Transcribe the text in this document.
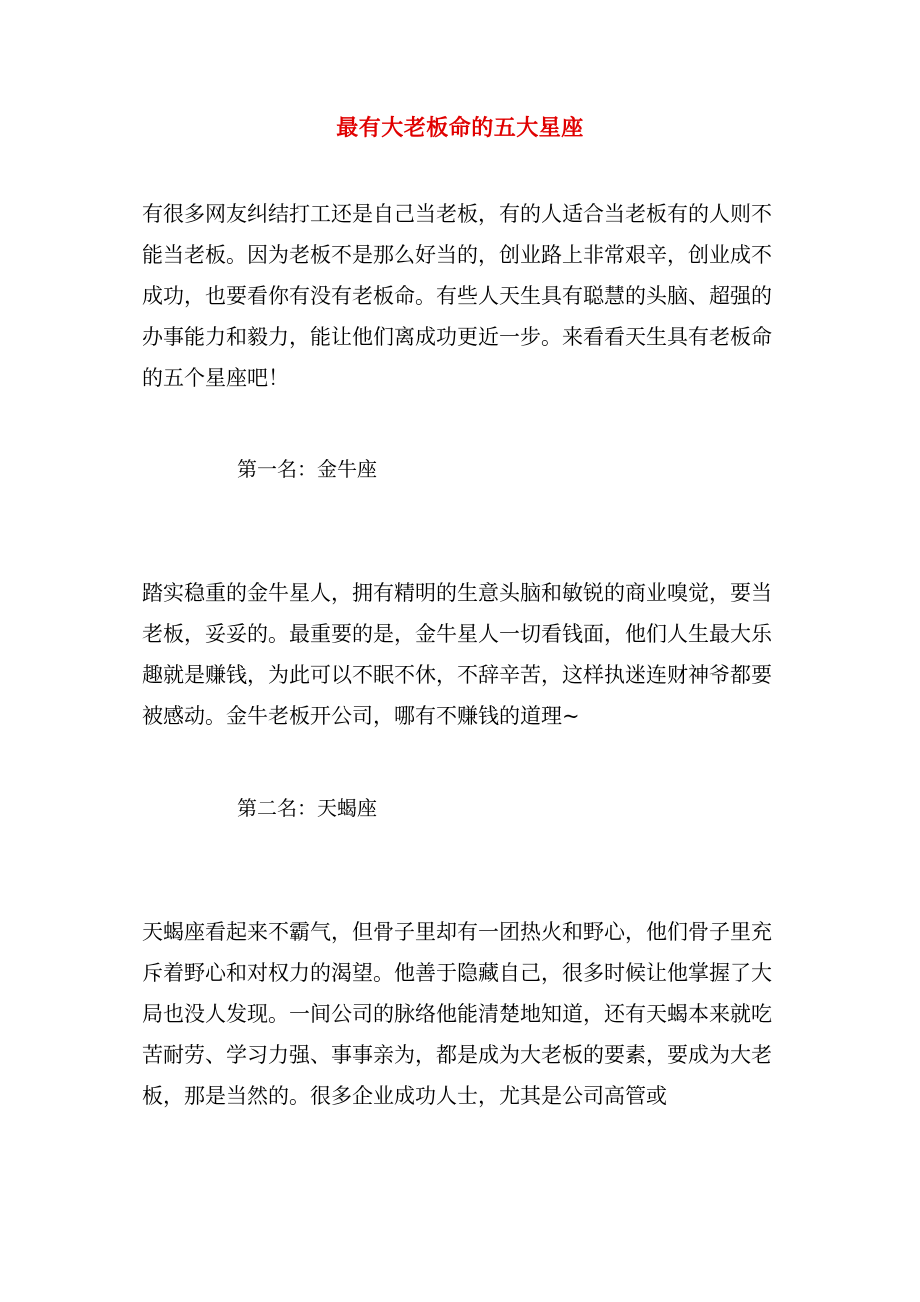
最有大老板命的五大星座

有很多网友纠结打工还是自己当老板，有的人适合当老板有的人则不能当老板。因为老板不是那么好当的，创业路上非常艰辛，创业成不成功，也要看你有没有老板命。有些人天生具有聪慧的头脑、超强的办事能力和毅力，能让他们离成功更近一步。来看看天生具有老板命的五个星座吧！

第一名：金牛座

踏实稳重的金牛星人，拥有精明的生意头脑和敏锐的商业嗅觉，要当老板，妥妥的。最重要的是，金牛星人一切看钱面，他们人生最大乐趣就是赚钱，为此可以不眠不休，不辞辛苦，这样执迷连财神爷都要被感动。金牛老板开公司，哪有不赚钱的道理~

第二名：天蝎座

天蝎座看起来不霸气，但骨子里却有一团热火和野心，他们骨子里充斥着野心和对权力的渴望。他善于隐藏自己，很多时候让他掌握了大局也没人发现。一间公司的脉络他能清楚地知道，还有天蝎本来就吃苦耐劳、学习力强、事事亲为，都是成为大老板的要素，要成为大老板，那是当然的。很多企业成功人士，尤其是公司高管或
